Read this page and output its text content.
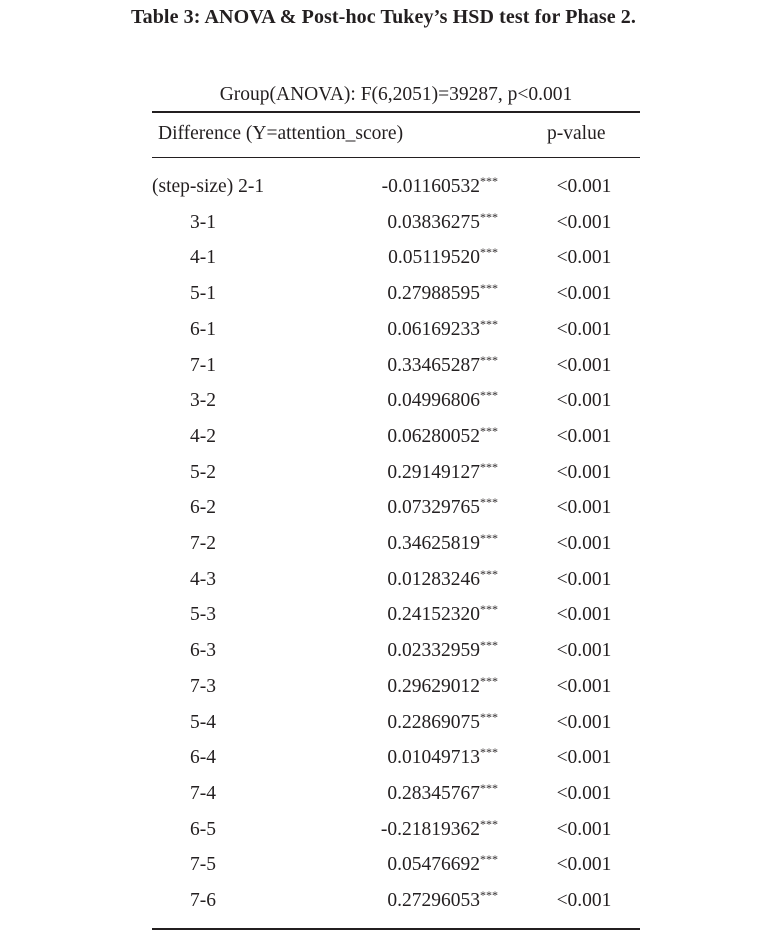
Table 3: ANOVA & Post-hoc Tukey’s HSD test for Phase 2.
Group(ANOVA): F(6,2051)=39287, p<0.001
Difference (Y=attention_score)	p-value
(step-size) 2-1	-0.01160532***	<0.001
3-1	0.03836275***	<0.001
4-1	0.05119520***	<0.001
5-1	0.27988595***	<0.001
6-1	0.06169233***	<0.001
7-1	0.33465287***	<0.001
3-2	0.04996806***	<0.001
4-2	0.06280052***	<0.001
5-2	0.29149127***	<0.001
6-2	0.07329765***	<0.001
7-2	0.34625819***	<0.001
4-3	0.01283246***	<0.001
5-3	0.24152320***	<0.001
6-3	0.02332959***	<0.001
7-3	0.29629012***	<0.001
5-4	0.22869075***	<0.001
6-4	0.01049713***	<0.001
7-4	0.28345767***	<0.001
6-5	-0.21819362***	<0.001
7-5	0.05476692***	<0.001
7-6	0.27296053***	<0.001
